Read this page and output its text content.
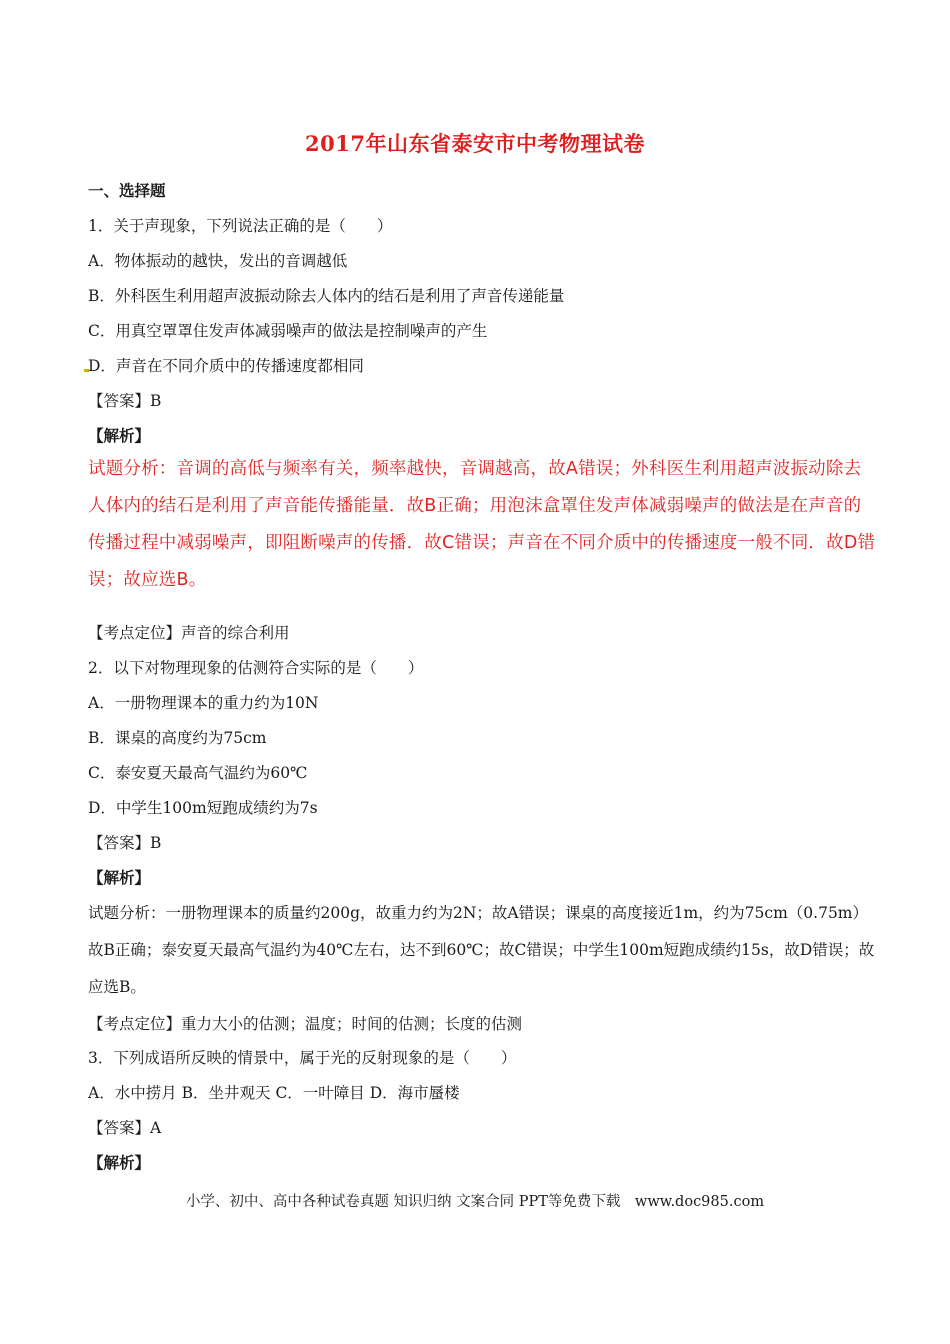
2017年山东省泰安市中考物理试卷
一、选择题
1．关于声现象，下列说法正确的是（　　）
A．物体振动的越快，发出的音调越低
B．外科医生利用超声波振动除去人体内的结石是利用了声音传递能量
C．用真空罩罩住发声体减弱噪声的做法是控制噪声的产生
D．声音在不同介质中的传播速度都相同
【答案】B
【解析】
试题分析：音调的高低与频率有关，频率越快，音调越高，故A错误；外科医生利用超声波振动除去人体内的结石是利用了声音能传播能量．故B正确；用泡沫盒罩住发声体减弱噪声的做法是在声音的传播过程中减弱噪声，即阻断噪声的传播．故C错误；声音在不同介质中的传播速度一般不同．故D错误；故应选B。
【考点定位】声音的综合利用
2．以下对物理现象的估测符合实际的是（　　）
A．一册物理课本的重力约为10N
B．课桌的高度约为75cm
C．泰安夏天最高气温约为60℃
D．中学生100m短跑成绩约为7s
【答案】B
【解析】
试题分析：一册物理课本的质量约200g，故重力约为2N；故A错误；课桌的高度接近1m，约为75cm（0.75m）故B正确；泰安夏天最高气温约为40℃左右，达不到60℃；故C错误；中学生100m短跑成绩约15s，故D错误；故应选B。
【考点定位】重力大小的估测；温度；时间的估测；长度的估测
3．下列成语所反映的情景中，属于光的反射现象的是（　　）
A．水中捞月 B．坐井观天 C．一叶障目 D．海市蜃楼
【答案】A
【解析】
小学、初中、高中各种试卷真题 知识归纳 文案合同 PPT等免费下载　www.doc985.com
